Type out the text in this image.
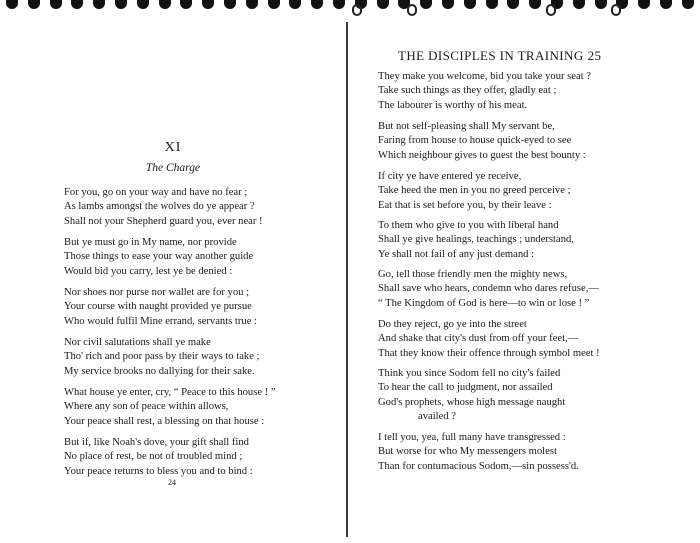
XI
The Charge
For you, go on your way and have no fear ;
As lambs amongst the wolves do ye appear ?
Shall not your Shepherd guard you, ever near !
But ye must go in My name, nor provide
Those things to ease your way another guide
Would bid you carry, lest ye be denied :
Nor shoes nor purse nor wallet are for you ;
Your course with naught provided ye pursue
Who would fulfil Mine errand, servants true :
Nor civil salutations shall ye make
Tho' rich and poor pass by their ways to take ;
My service brooks no dallying for their sake.
What house ye enter, cry, “ Peace to this house ! ”
Where any son of peace within allows,
Your peace shall rest, a blessing on that house :
But if, like Noah's dove, your gift shall find
No place of rest, be not of troubled mind ;
Your peace returns to bless you and to bind :
24
THE DISCIPLES IN TRAINING 25
They make you welcome, bid you take your seat ?
Take such things as they offer, gladly eat ;
The labourer is worthy of his meat.
But not self-pleasing shall My servant be,
Faring from house to house quick-eyed to see
Which neighbour gives to guest the best bounty :
If city ye have entered ye receive,
Take heed the men in you no greed perceive ;
Eat that is set before you, by their leave :
To them who give to you with liberal hand
Shall ye give healings, teachings ; understand,
Ye shall not fail of any just demand :
Go, tell those friendly men the mighty news,
Shall save who hears, condemn who dares refuse,—
“ The Kingdom of God is here—to win or lose ! ”
Do they reject, go ye into the street
And shake that city's dust from off your feet,—
That they know their offence through symbol meet !
Think you since Sodom fell no city's failed
To hear the call to judgment, nor assailed
God's prophets, whose high message naught
availed ?
I tell you, yea, full many have transgressed :
But worse for who My messengers molest
Than for contumacious Sodom,—sin possess'd.
